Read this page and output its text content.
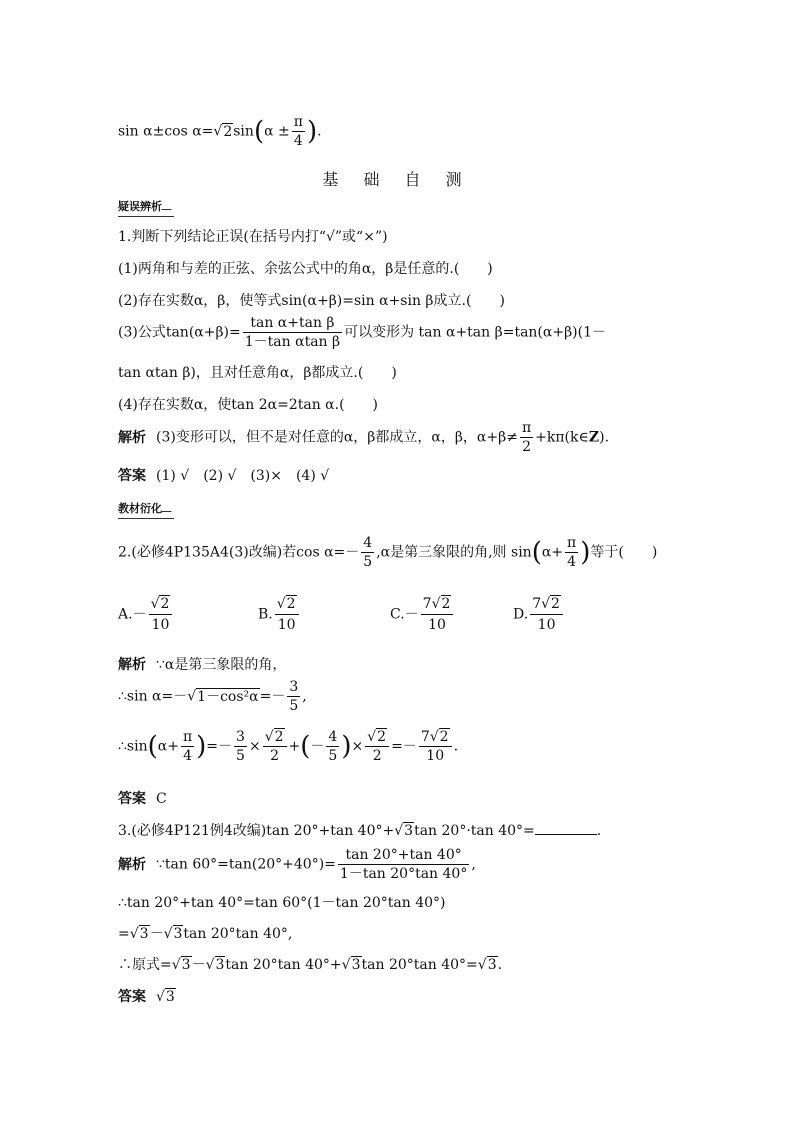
sin α±cos $\alpha=√2\sin(\alpha \pm \frac{\pi}{4}$ ).
基 础 自 测
疑误辨析
1.判断下列结论正误(在括号内打“√”或“×”)
(1)两角和与差的正弦、余弦公式中的角α，β是任意的.(　　)
(2)存在实数α，β，使等式sin(α+β)=sin α+sin β成立.(　　)
(3)公式$\tan(\alpha+\beta)= \frac{\text{tan α+tan β}}{\text{1－tan αtan β}}$ 可以变形为 tan α+tan β=tan(α+β)(1－
tan αtan β)，且对任意角α，β都成立.(　　)
(4)存在实数α，使tan 2α=2tan α.(　　)
解析 (3)变形可以，但不是对任意的α，β都成立，α，β，$\alpha+\beta\ne \frac{\pi}{2}$ +kπ(k∈Z).
答案 (1) √　(2) √　(3)×　(4) √
教材衍化
2.(必修4P135A4(3)改编)若$\cos \alpha=- \frac{4}{5} ,\alpha$是第三象限的角,则 $\sin(\alpha+ \frac{\pi}{4}$ )等于(　　)
$A.- \frac{√2}{10}$	B. $\frac{√2}{10}$	$C.- \frac{7√2}{10}$	D. $\frac{7√2}{10}$
解析 ∵α是第三象限的角，
∴sin $\alpha=-√1-\cos^2\alpha=- \frac{3}{5}$ ,
∴sin(α+ $\frac{\pi}{4}$ )=－ $\frac{3}{5} \times \frac{√2}{2}$ +(－ $\frac{4}{5}$ )× $\frac{√2}{2} =- \frac{7√2}{10}$ .
答案 C
3.(必修4P121例4改编)tan 20°+tan 40°+√3tan 20°·tan 40°=	.
解析 ∵tan $60^\circ=\tan(20^\circ+40^\circ)= \frac{\tan 20^\circ+\tan 40^\circ}{1-\tan 20^\circ\tan 40^\circ}$ ,
∴tan 20°+tan 40°=tan 60°(1－tan 20°tan 40°)
=√3－√3tan 20°tan 40°,
∴原式=√3－√3tan 20°tan 40°+√3tan 20°tan 40°=√3.
答案 √3
